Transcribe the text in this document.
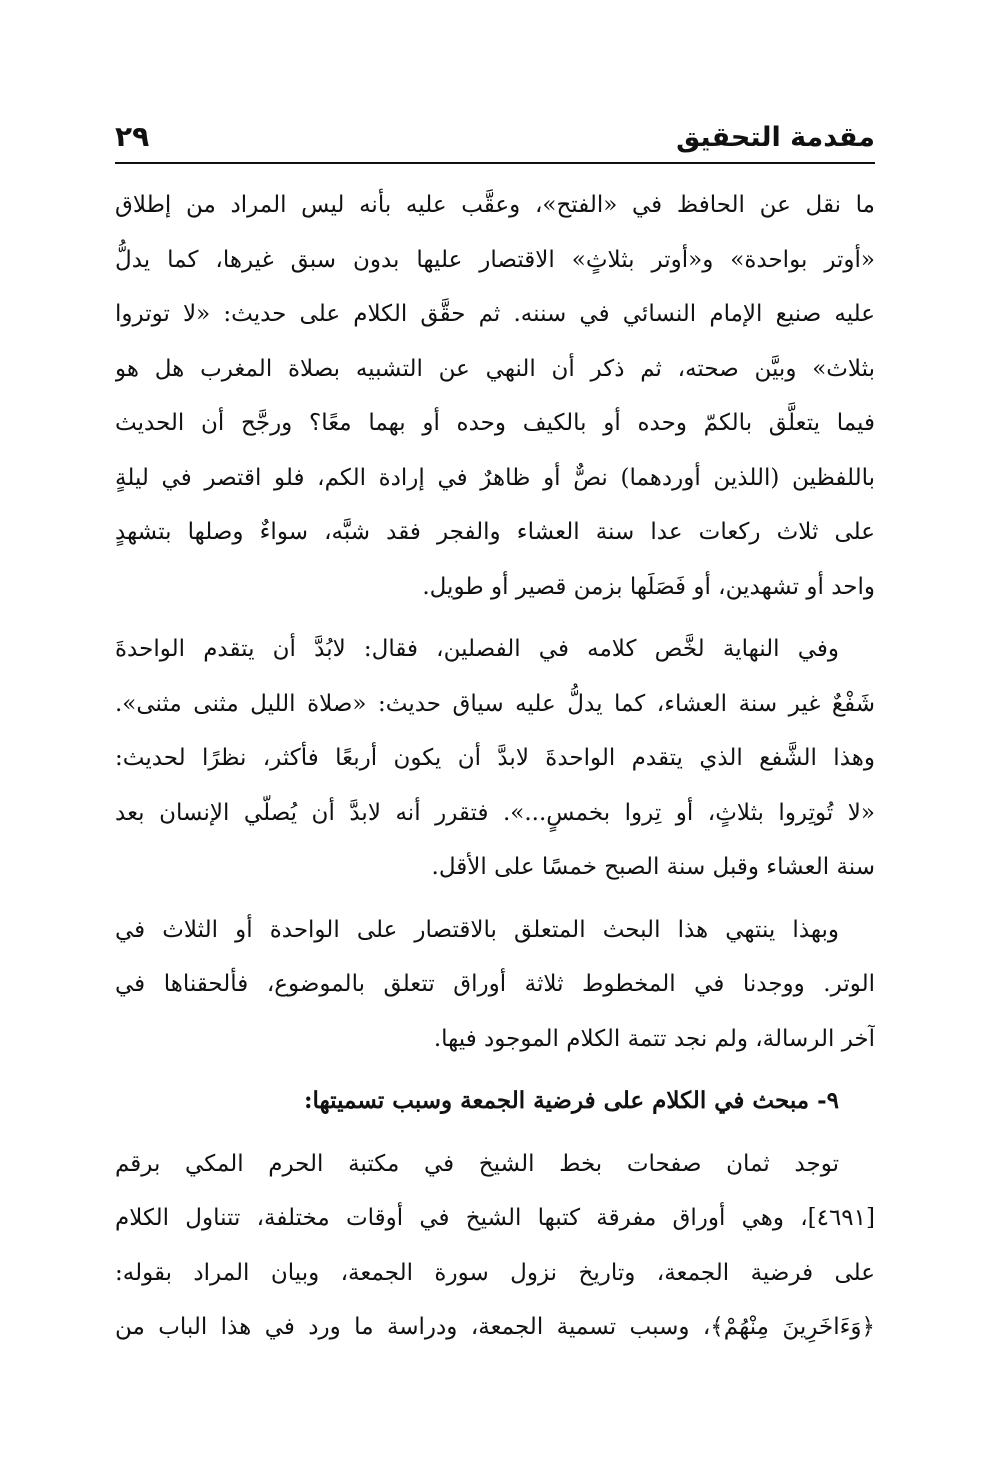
مقدمة التحقيق
٢٩

ما نقل عن الحافظ في «الفتح»، وعقَّب عليه بأنه ليس المراد من إطلاق
«أوتر بواحدة» و«أوتر بثلاثٍ» الاقتصار عليها بدون سبق غيرها، كما يدلُّ
عليه صنيع الإمام النسائي في سننه. ثم حقَّق الكلام على حديث: «لا توتروا
بثلاث» وبيَّن صحته، ثم ذكر أن النهي عن التشبيه بصلاة المغرب هل هو
فيما يتعلَّق بالكمّ وحده أو بالكيف وحده أو بهما معًا؟ ورجَّح أن الحديث
باللفظين (اللذين أوردهما) نصٌّ أو ظاهرٌ في إرادة الكم، فلو اقتصر في ليلةٍ
على ثلاث ركعات عدا سنة العشاء والفجر فقد شبَّه، سواءٌ وصلها بتشهدٍ
واحد أو تشهدين، أو فَصَلَها بزمن قصير أو طويل.

وفي النهاية لخَّص كلامه في الفصلين، فقال: لابُدَّ أن يتقدم الواحدةَ
شَفْعٌ غير سنة العشاء، كما يدلُّ عليه سياق حديث: «صلاة الليل مثنى مثنى».
وهذا الشَّفع الذي يتقدم الواحدةَ لابدَّ أن يكون أربعًا فأكثر، نظرًا لحديث:
«لا تُوتِروا بثلاثٍ، أو تِروا بخمسٍ...». فتقرر أنه لابدَّ أن يُصلّي الإنسان بعد
سنة العشاء وقبل سنة الصبح خمسًا على الأقل.

وبهذا ينتهي هذا البحث المتعلق بالاقتصار على الواحدة أو الثلاث في
الوتر. ووجدنا في المخطوط ثلاثة أوراق تتعلق بالموضوع، فألحقناها في
آخر الرسالة، ولم نجد تتمة الكلام الموجود فيها.

٩- مبحث في الكلام على فرضية الجمعة وسبب تسميتها:

توجد ثمان صفحات بخط الشيخ في مكتبة الحرم المكي برقم
[٤٦٩١]، وهي أوراق مفرقة كتبها الشيخ في أوقات مختلفة، تتناول الكلام
على فرضية الجمعة، وتاريخ نزول سورة الجمعة، وبيان المراد بقوله:
﴿وَءَاخَرِينَ مِنْهُمْ﴾، وسبب تسمية الجمعة، ودراسة ما ورد في هذا الباب من
